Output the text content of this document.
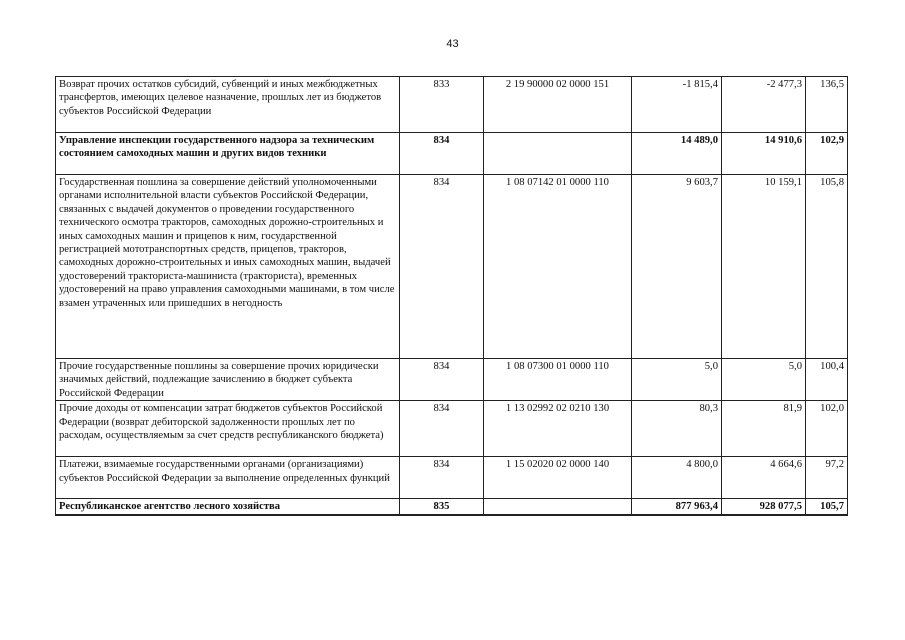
43
Возврат прочих остатков субсидий, субвенций и иных межбюджетных трансфертов, имеющих целевое назначение, прошлых лет из бюджетов субъектов Российской Федерации	833	2 19 90000 02 0000 151	-1 815,4	-2 477,3	136,5
Управление инспекции государственного надзора за техническим состоянием самоходных машин и других видов техники	834		14 489,0	14 910,6	102,9
Государственная пошлина за совершение действий уполномоченными органами исполнительной власти субъектов Российской Федерации, связанных с выдачей документов о проведении государственного технического осмотра тракторов, самоходных дорожно-строительных и иных самоходных машин и прицепов к ним, государственной регистрацией мототранспортных средств, прицепов, тракторов, самоходных дорожно-строительных и иных самоходных машин, выдачей удостоверений тракториста-машиниста (тракториста), временных удостоверений на право управления самоходными машинами, в том числе взамен утраченных или пришедших в негодность	834	1 08 07142 01 0000 110	9 603,7	10 159,1	105,8
Прочие государственные пошлины за совершение прочих юридически значимых действий, подлежащие зачислению в бюджет субъекта Российской Федерации	834	1 08 07300 01 0000 110	5,0	5,0	100,4
Прочие доходы от компенсации затрат бюджетов субъектов Российской Федерации (возврат дебиторской задолженности прошлых лет по расходам, осуществляемым за счет средств республиканского бюджета)	834	1 13 02992 02 0210 130	80,3	81,9	102,0
Платежи, взимаемые государственными органами (организациями) субъектов Российской Федерации за выполнение определенных функций	834	1 15 02020 02 0000 140	4 800,0	4 664,6	97,2
Республиканское агентство лесного хозяйства	835		877 963,4	928 077,5	105,7
